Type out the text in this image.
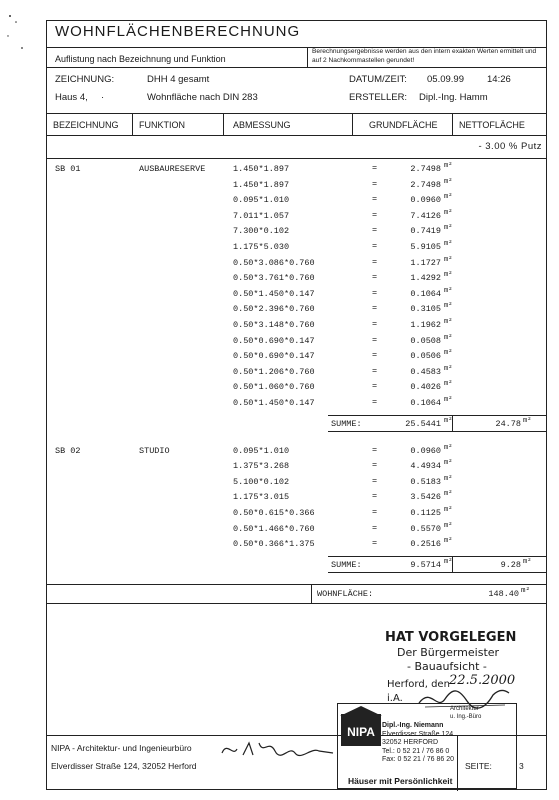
WOHNFLÄCHENBERECHNUNG
Auflistung nach Bezeichnung und Funktion
Berechnungsergebnisse werden aus den intern exakten Werten ermittelt und auf 2 Nachkommastellen gerundet!
ZEICHNUNG:	DHH 4 gesamt	DATUM/ZEIT: 05.09.99 14:26
Haus 4, ·	Wohnfläche nach DIN 283	ERSTELLER: Dipl.-Ing. Hamm
BEZEICHNUNG FUNKTION	ABMESSUNG	GRUNDFLÄCHE NETTOFLÄCHE
- 3.00 % Putz
SB 01	AUSBAURESERVE	1.450*1.897	=	2.7498 m²
1.450*1.897	=	2.7498 m²
0.095*1.010	=	0.0960 m²
7.011*1.057	=	7.4126 m²
7.300*0.102	=	0.7419 m²
1.175*5.030	=	5.9105 m²
0.50*3.086*0.760	=	1.1727 m²
0.50*3.761*0.760	=	1.4292 m²
0.50*1.450*0.147	=	0.1064 m²
0.50*2.396*0.760	=	0.3105 m²
0.50*3.148*0.760	=	1.1962 m²
0.50*0.690*0.147	=	0.0508 m²
0.50*0.690*0.147	=	0.0506 m²
0.50*1.206*0.760	=	0.4583 m²
0.50*1.060*0.760	=	0.4026 m²
0.50*1.450*0.147	=	0.1064 m²
SUMME:	25.5441 m²	24.78 m²
SB 02	STUDIO	0.095*1.010	=	0.0960 m²
1.375*3.268	=	4.4934 m²
5.100*0.102	=	0.5183 m²
1.175*3.015	=	3.5426 m²
0.50*0.615*0.366	=	0.1125 m²
0.50*1.466*0.760	=	0.5570 m²
0.50*0.366*1.375	=	0.2516 m²
SUMME:	9.5714 m²	9.28 m²
WOHNFLÄCHE:	148.40 m²
HAT VORGELEGEN
Der Bürgermeister
- Bauaufsicht -
Herford, den 22.5.2000
i.A.
NIPA - Architektur- und Ingenieurbüro
Elverdisser Straße 124, 32052 Herford	SEITE:	3
NIPA
Architektur
u. Ing.-Büro
Dipl.-Ing. Niemann
Elverdisser Straße 124
32052 HERFORD
Tel.: 0 52 21 / 76 86 0
Fax: 0 52 21 / 76 86 20
Häuser mit Persönlichkeit
